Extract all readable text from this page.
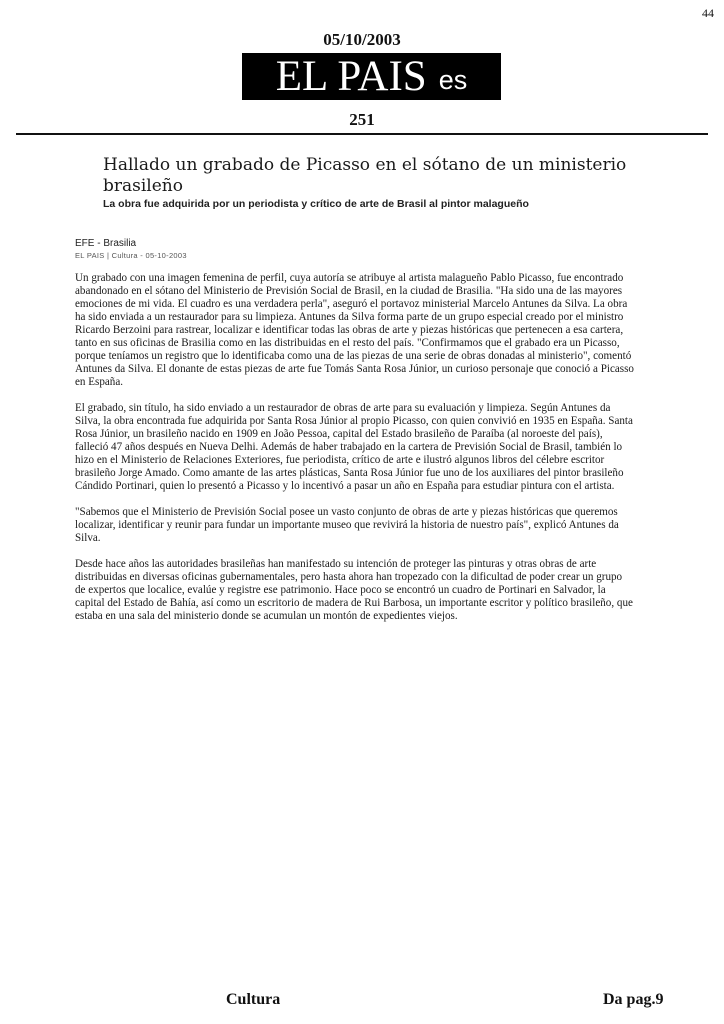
44
05/10/2003
EL PAIS es
251
Hallado un grabado de Picasso en el sótano de un ministerio brasileño
La obra fue adquirida por un periodista y crítico de arte de Brasil al pintor malagueño
EFE - Brasilia
EL PAIS | Cultura - 05-10-2003

Un grabado con una imagen femenina de perfil, cuya autoría se atribuye al artista malagueño Pablo Picasso, fue encontrado abandonado en el sótano del Ministerio de Previsión Social de Brasil, en la ciudad de Brasilia. "Ha sido una de las mayores emociones de mi vida. El cuadro es una verdadera perla", aseguró el portavoz ministerial Marcelo Antunes da Silva. La obra ha sido enviada a un restaurador para su limpieza. Antunes da Silva forma parte de un grupo especial creado por el ministro Ricardo Berzoini para rastrear, localizar e identificar todas las obras de arte y piezas históricas que pertenecen a esa cartera, tanto en sus oficinas de Brasilia como en las distribuidas en el resto del país. "Confirmamos que el grabado era un Picasso, porque teníamos un registro que lo identificaba como una de las piezas de una serie de obras donadas al ministerio", comentó Antunes da Silva. El donante de estas piezas de arte fue Tomás Santa Rosa Júnior, un curioso personaje que conoció a Picasso en España.

El grabado, sin título, ha sido enviado a un restaurador de obras de arte para su evaluación y limpieza. Según Antunes da Silva, la obra encontrada fue adquirida por Santa Rosa Júnior al propio Picasso, con quien convivió en 1935 en España. Santa Rosa Júnior, un brasileño nacido en 1909 en João Pessoa, capital del Estado brasileño de Paraíba (al noroeste del país), falleció 47 años después en Nueva Delhi. Además de haber trabajado en la cartera de Previsión Social de Brasil, también lo hizo en el Ministerio de Relaciones Exteriores, fue periodista, crítico de arte e ilustró algunos libros del célebre escritor brasileño Jorge Amado. Como amante de las artes plásticas, Santa Rosa Júnior fue uno de los auxiliares del pintor brasileño Cándido Portinari, quien lo presentó a Picasso y lo incentivó a pasar un año en España para estudiar pintura con el artista.

"Sabemos que el Ministerio de Previsión Social posee un vasto conjunto de obras de arte y piezas históricas que queremos localizar, identificar y reunir para fundar un importante museo que revivirá la historia de nuestro país", explicó Antunes da Silva.

Desde hace años las autoridades brasileñas han manifestado su intención de proteger las pinturas y otras obras de arte distribuidas en diversas oficinas gubernamentales, pero hasta ahora han tropezado con la dificultad de poder crear un grupo de expertos que localice, evalúe y registre ese patrimonio. Hace poco se encontró un cuadro de Portinari en Salvador, la capital del Estado de Bahía, así como un escritorio de madera de Rui Barbosa, un importante escritor y político brasileño, que estaba en una sala del ministerio donde se acumulan un montón de expedientes viejos.

Cultura	Da pag.9
